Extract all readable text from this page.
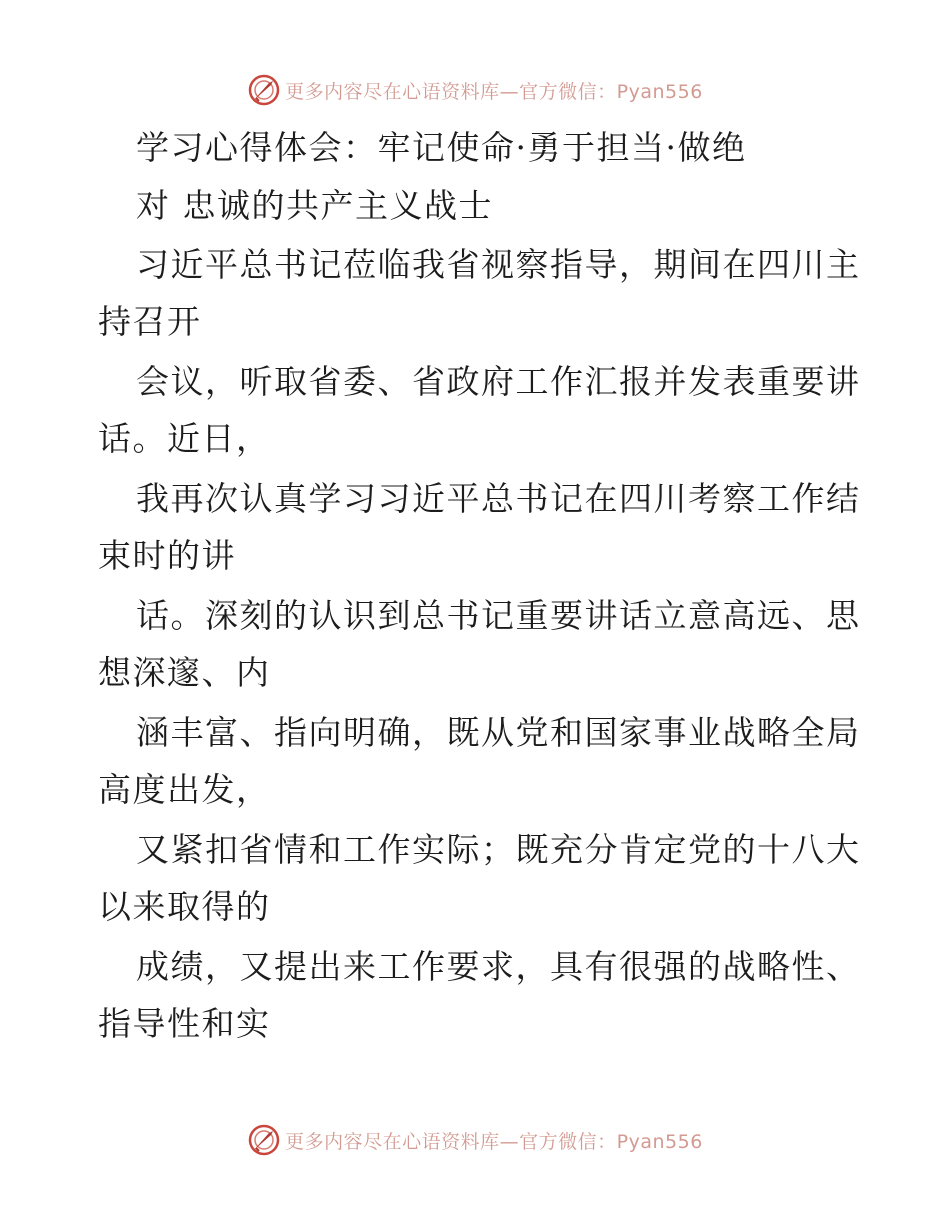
更多内容尽在心语资料库—官方微信：Pyan556
学习心得体会：牢记使命·勇于担当·做绝
对 忠诚的共产主义战士
习近平总书记莅临我省视察指导，期间在四川主
持召开
会议，听取省委、省政府工作汇报并发表重要讲
话。近日，
我再次认真学习习近平总书记在四川考察工作结
束时的讲
话。深刻的认识到总书记重要讲话立意高远、思
想深邃、内
涵丰富、指向明确，既从党和国家事业战略全局
高度出发，
又紧扣省情和工作实际；既充分肯定党的十八大
以来取得的
成绩，又提出来工作要求，具有很强的战略性、
指导性和实
更多内容尽在心语资料库—官方微信：Pyan556
